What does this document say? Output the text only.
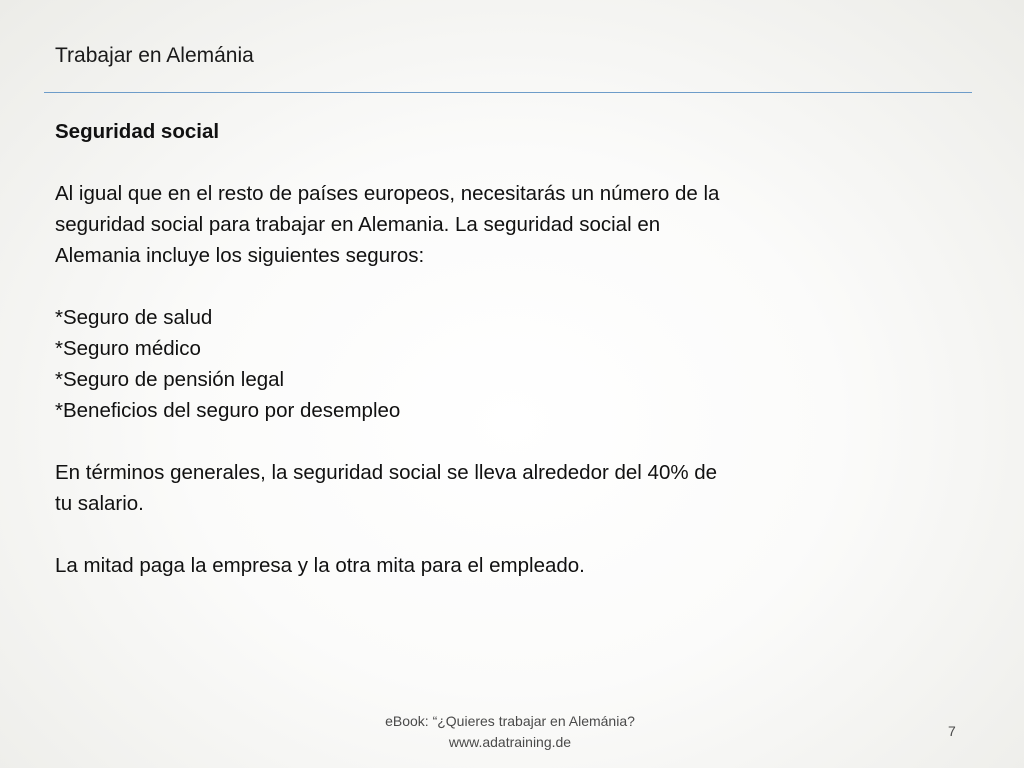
Trabajar en Alemánia

Seguridad social

Al igual que en el resto de países europeos, necesitarás un número de la seguridad social para trabajar en Alemania. La seguridad social en Alemania incluye los siguientes seguros:

*Seguro de salud
*Seguro médico
*Seguro de pensión legal
*Beneficios del seguro por desempleo

En términos generales, la seguridad social se lleva alrededor del 40% de tu salario.

La mitad paga la empresa y la otra mita para el empleado.

eBook: “¿Quieres trabajar en Alemánia?
www.adatraining.de
7
